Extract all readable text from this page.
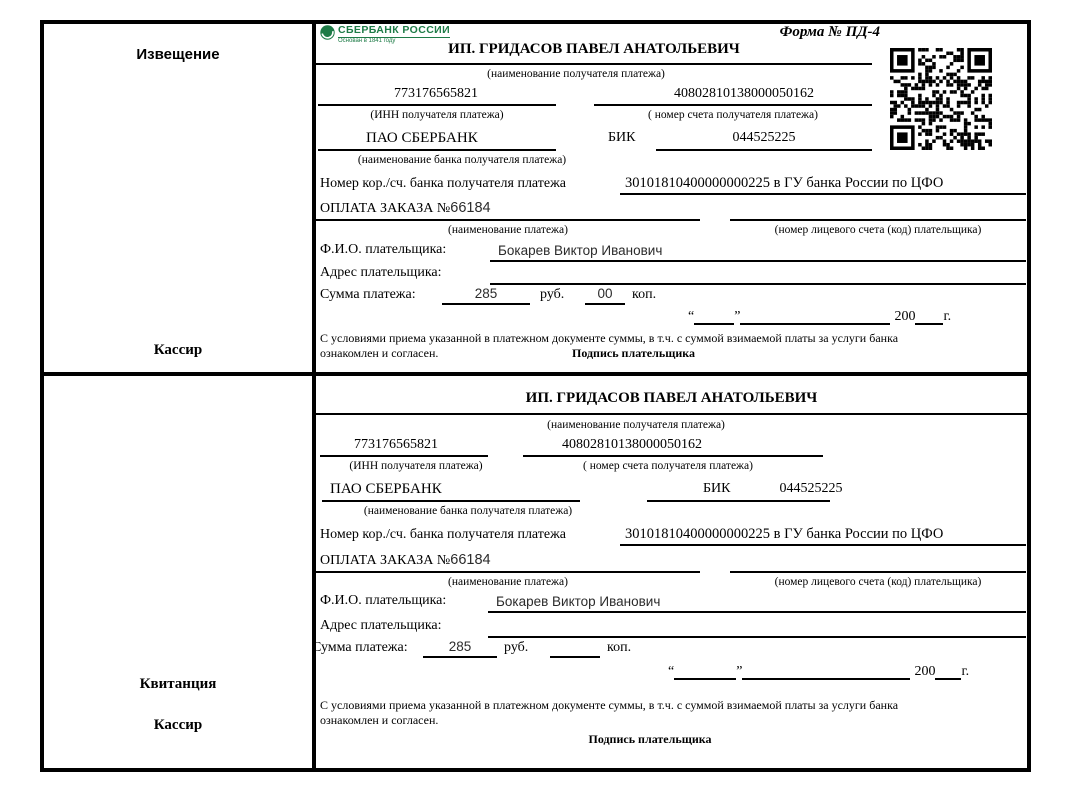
Извещение
Кассир
СБЕРБАНК РОССИИ
Основан в 1841 году
Форма № ПД-4
ИП. ГРИДАСОВ ПАВЕЛ АНАТОЛЬЕВИЧ
(наименование получателя платежа)
773176565821	40802810138000050162
(ИНН получателя платежа)	( номер счета получателя платежа)
ПАО СБЕРБАНК	БИК	044525225
(наименование банка получателя платежа)
Номер кор./сч. банка получателя платежа	30101810400000000225 в ГУ банка России по ЦФО
ОПЛАТА ЗАКАЗА №66184
(наименование платежа)	(номер лицевого счета (код) плательщика)
Ф.И.О. плательщика:	Бокарев Виктор Иванович
Адрес плательщика:
Сумма платежа:	285	руб.	00	коп.
“	”	200 г.
С условиями приема указанной в платежном документе суммы, в т.ч. с суммой взимаемой платы за услуги банка
ознакомлен и согласен.	Подпись плательщика
Квитанция
Кассир
ИП. ГРИДАСОВ ПАВЕЛ АНАТОЛЬЕВИЧ
(наименование получателя платежа)
773176565821	40802810138000050162
(ИНН получателя платежа)	( номер счета получателя платежа)
ПАО СБЕРБАНК	БИК	044525225
(наименование банка получателя платежа)
Номер кор./сч. банка получателя платежа	30101810400000000225 в ГУ банка России по ЦФО
ОПЛАТА ЗАКАЗА №66184
(наименование платежа)	(номер лицевого счета (код) плательщика)
Ф.И.О. плательщика:	Бокарев Виктор Иванович
Адрес плательщика:
Сумма платежа:	285	руб.	коп.
“	”	200 г.
С условиями приема указанной в платежном документе суммы, в т.ч. с суммой взимаемой платы за услуги банка
ознакомлен и согласен.
Подпись плательщика
